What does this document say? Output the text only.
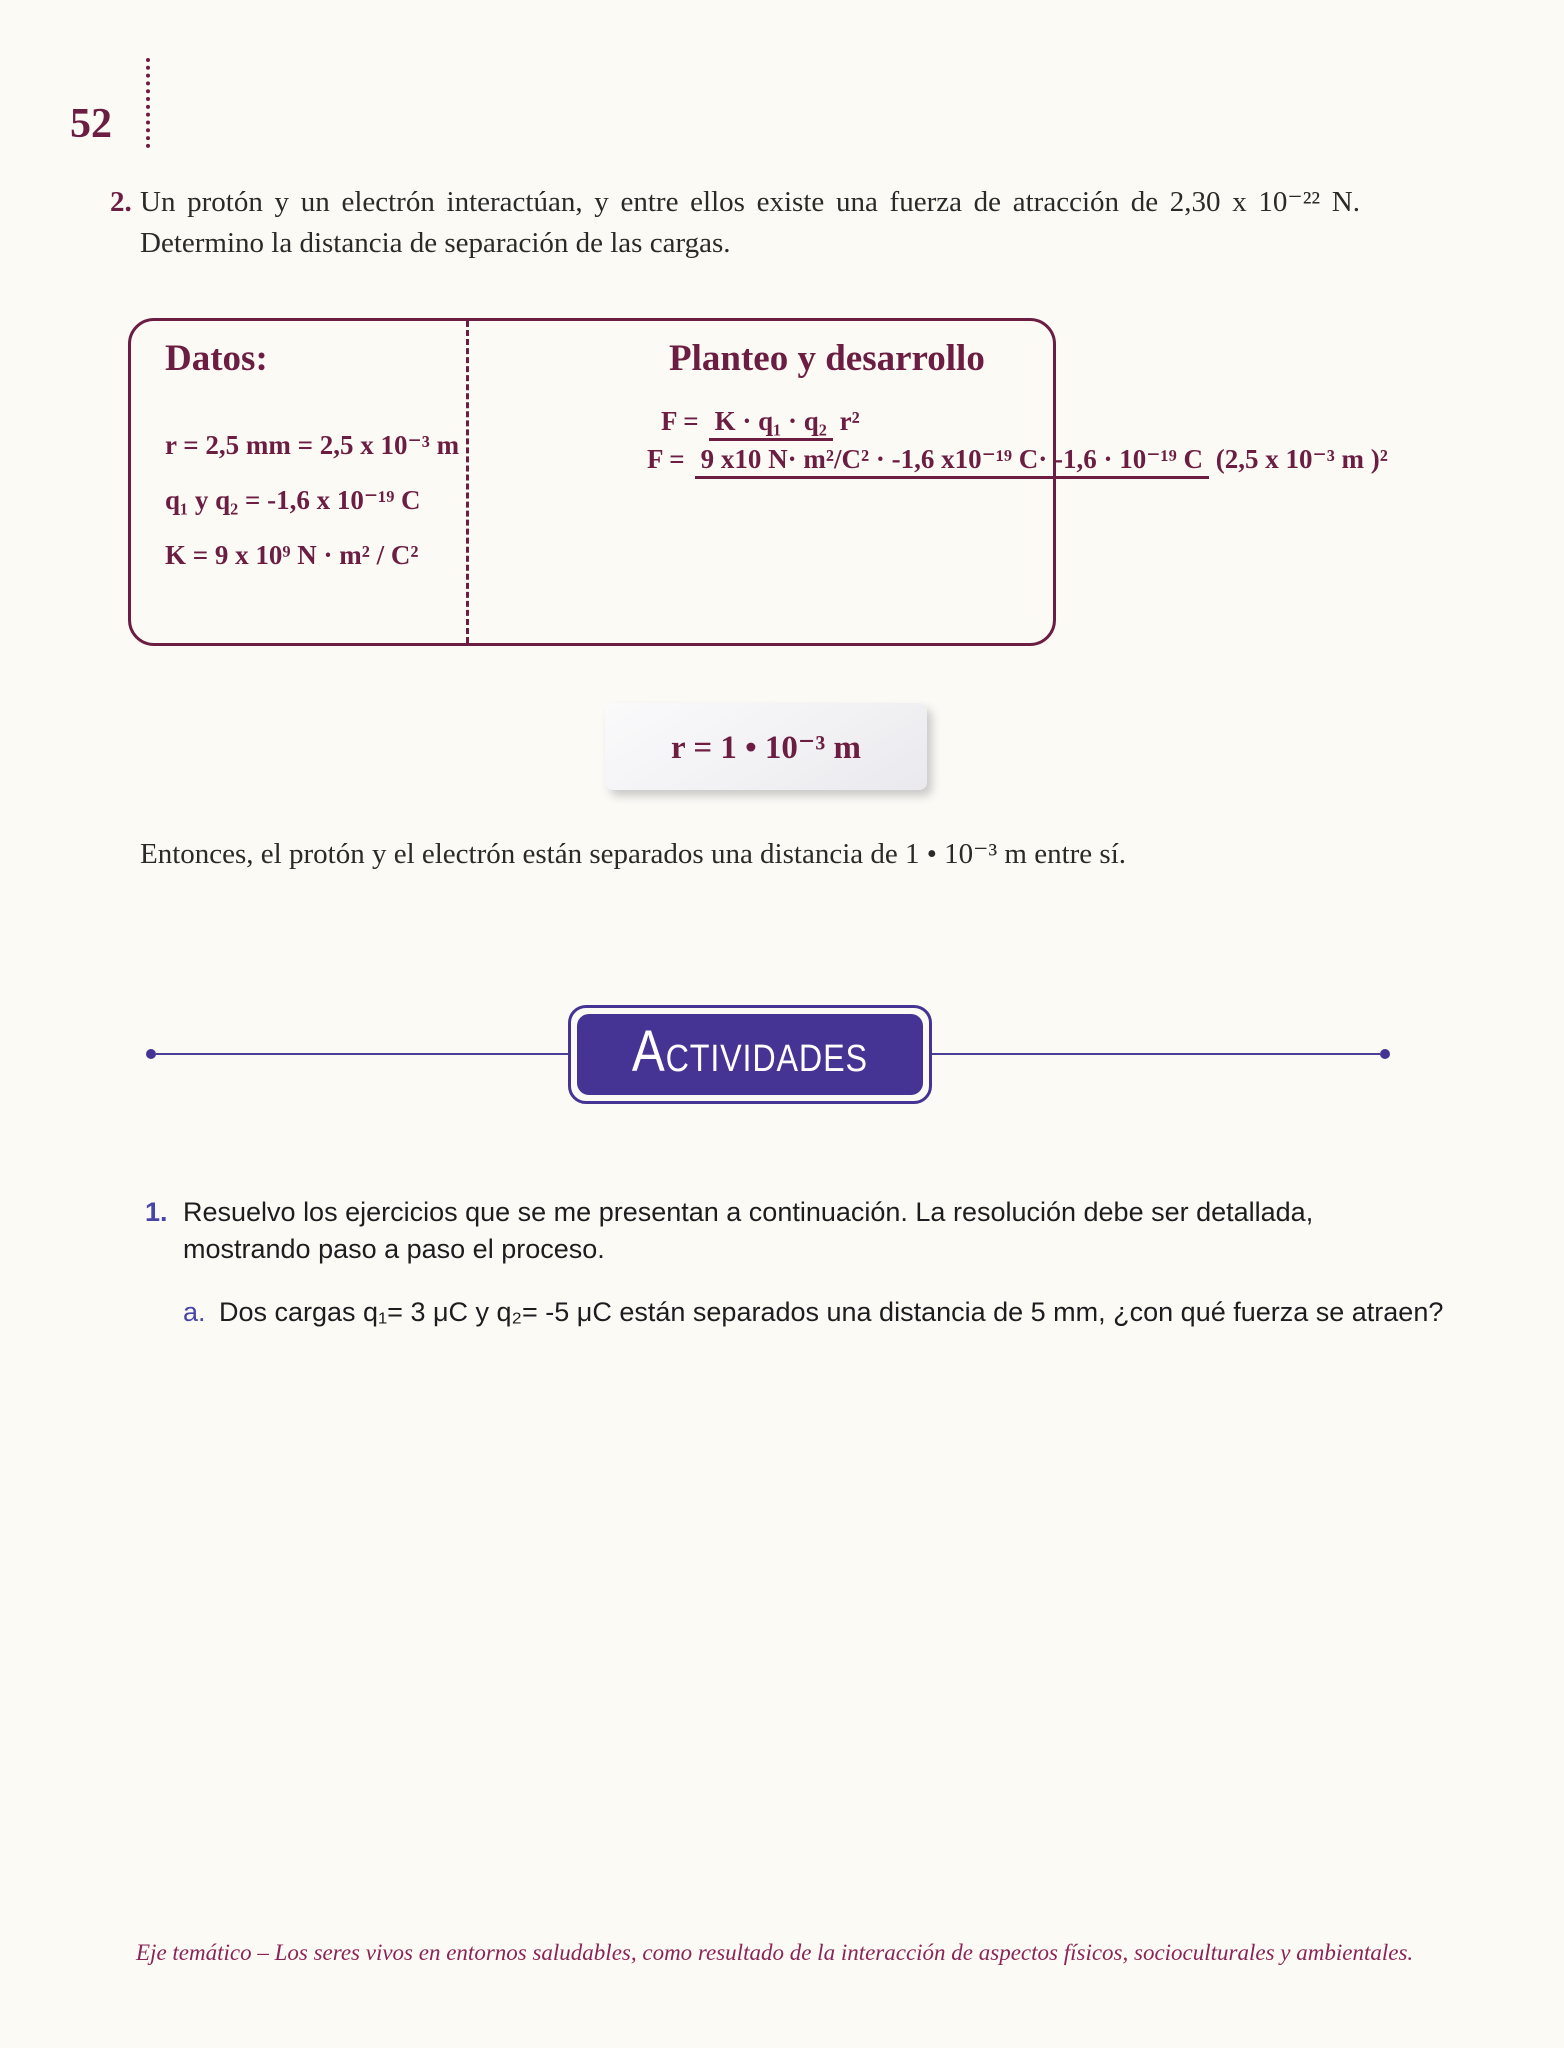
52
2. Un protón y un electrón interactúan, y entre ellos existe una fuerza de atracción de 2,30 x 10⁻²² N. Determino la distancia de separación de las cargas.
Datos:
r = 2,5 mm = 2,5 x 10⁻³ m
q₁ y q₂ = -1,6 x 10⁻¹⁹ C
K = 9 x 10⁹ N · m² / C²
Planteo y desarrollo
F = K · q₁ · q₂ r²
F = 9 x10 N· m²/C² · -1,6 x10⁻¹⁹ C· -1,6 · 10⁻¹⁹ C (2,5 x 10⁻³ m )²
r = 1 • 10⁻³ m
Entonces, el protón y el electrón están separados una distancia de 1 • 10⁻³ m entre sí.
ACTIVIDADES
1. Resuelvo los ejercicios que se me presentan a continuación. La resolución debe ser detallada, mostrando paso a paso el proceso.
a. Dos cargas q₁= 3 μC y q₂= -5 μC están separados una distancia de 5 mm, ¿con qué fuerza se atraen?
Eje temático – Los seres vivos en entornos saludables, como resultado de la interacción de aspectos físicos, socioculturales y ambientales.
